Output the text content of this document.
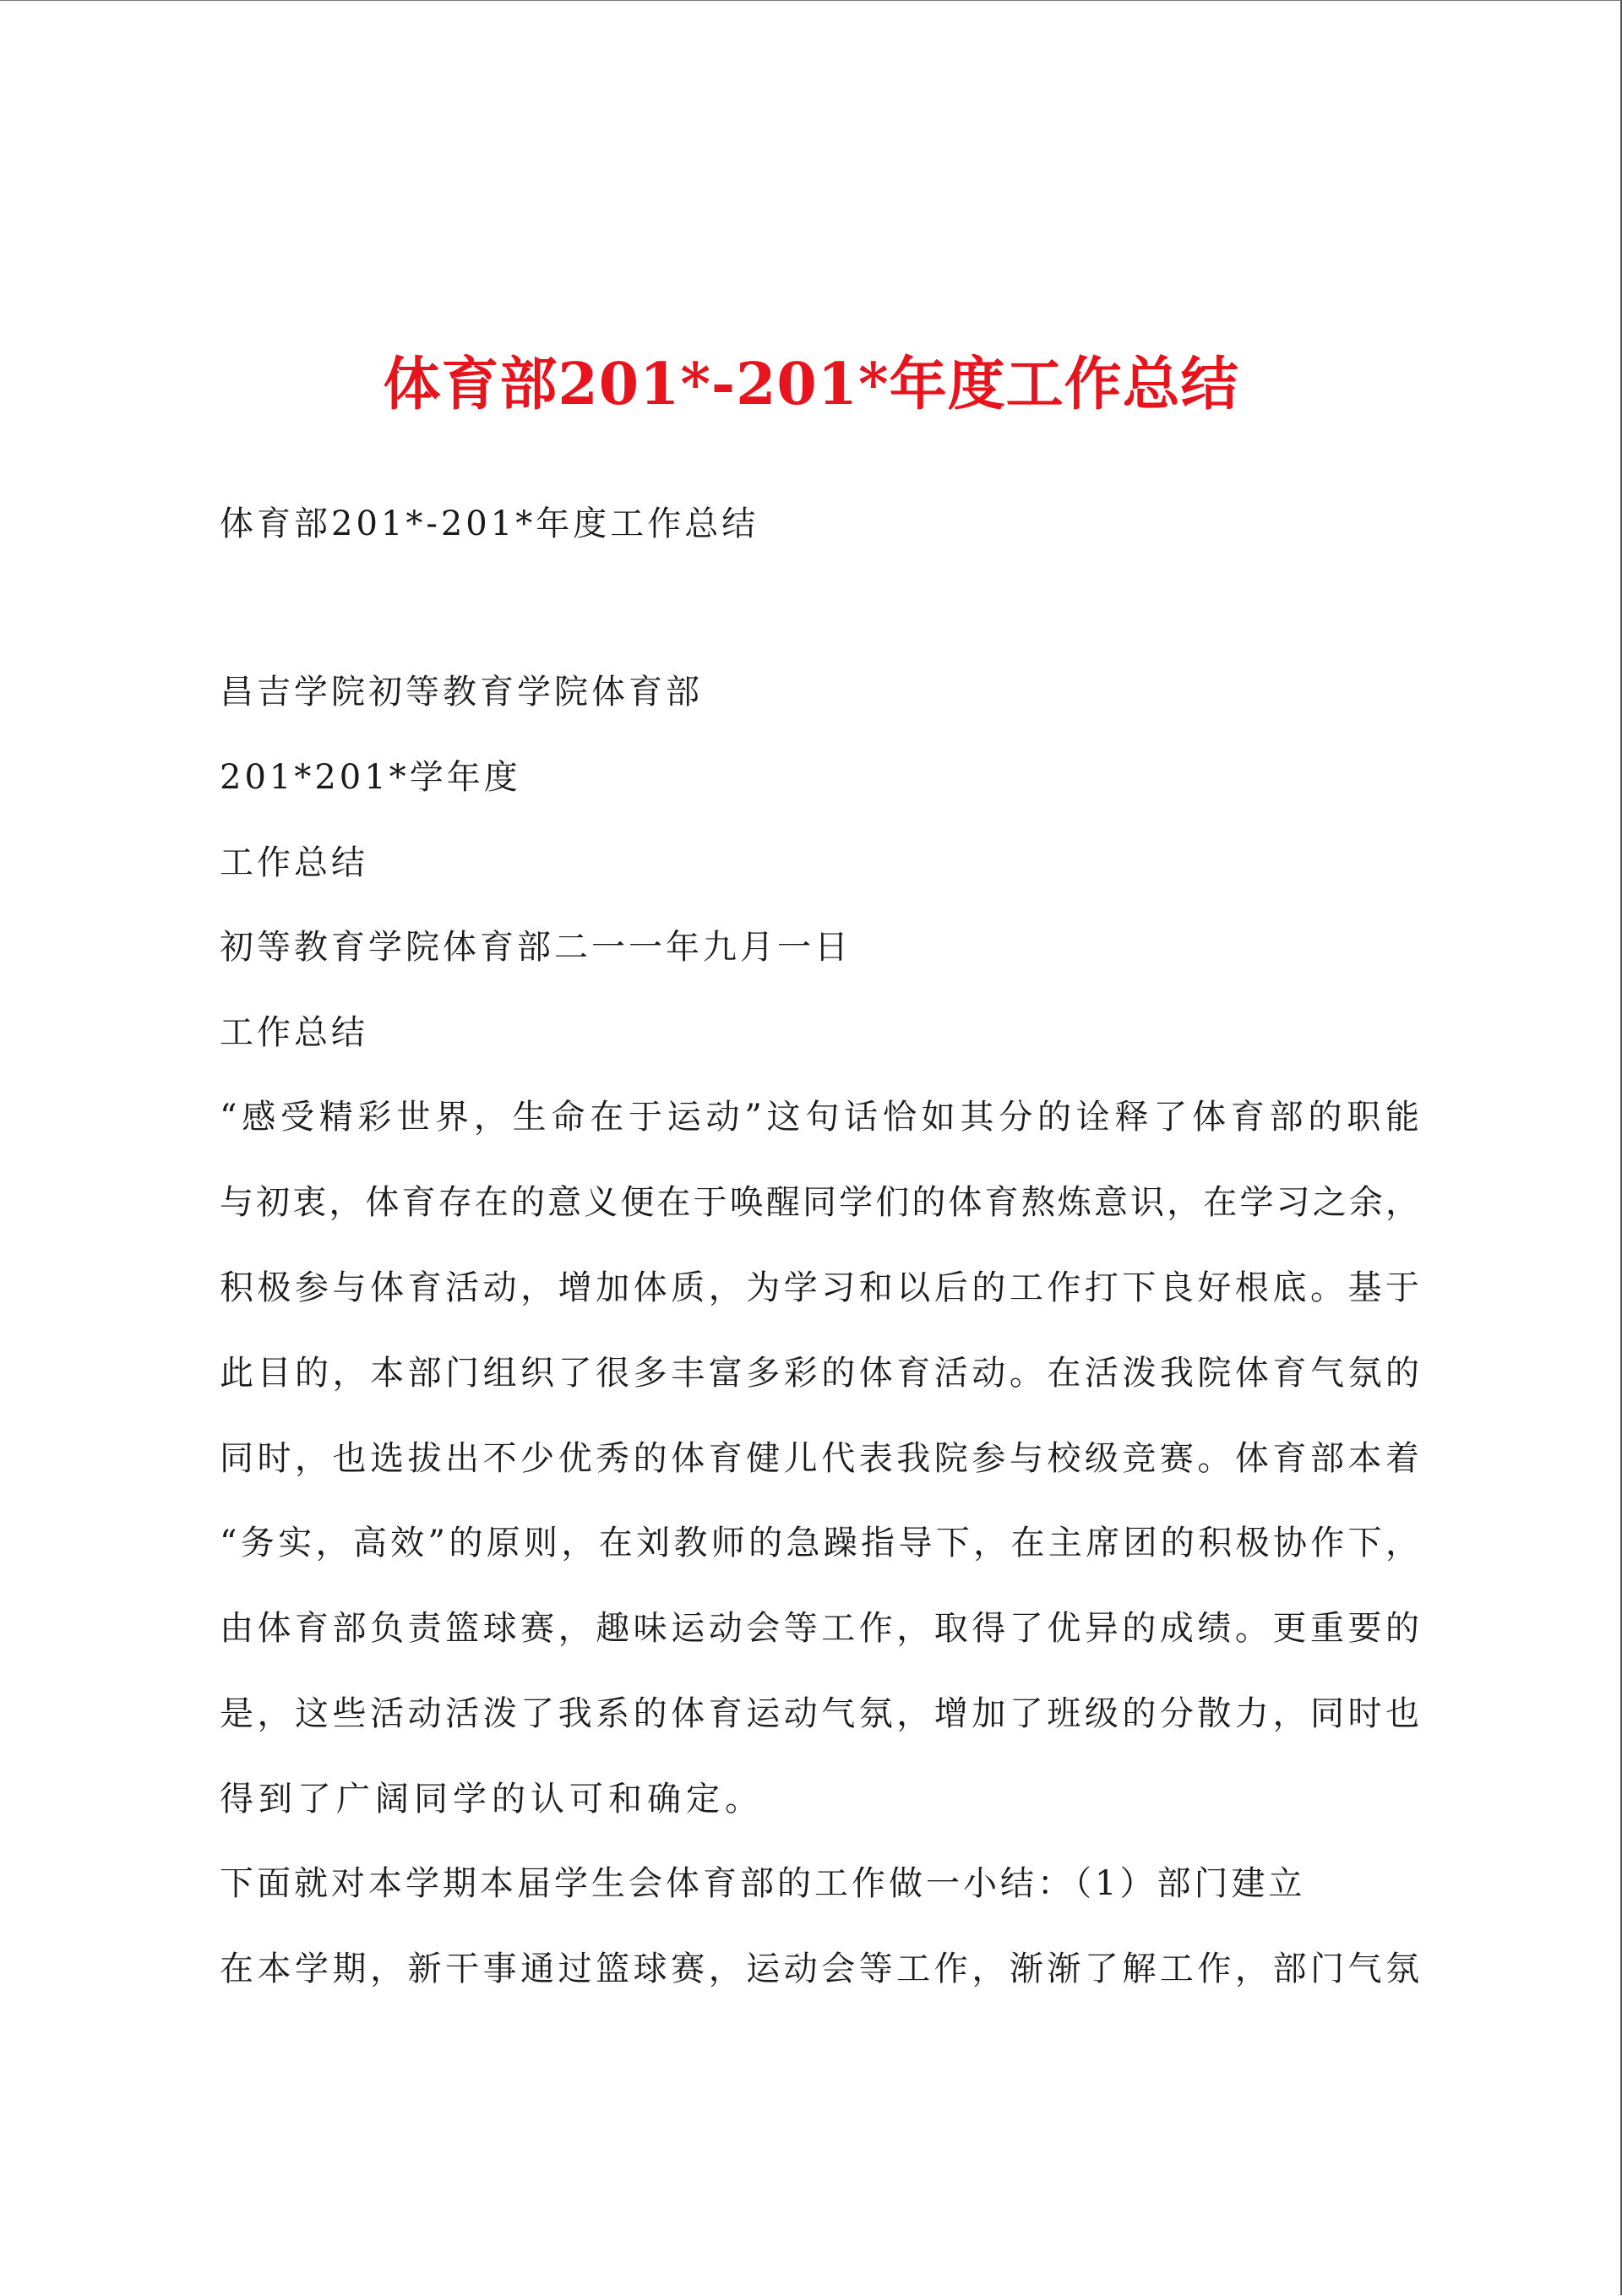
体育部201*-201*年度工作总结
体育部201*-201*年度工作总结
昌吉学院初等教育学院体育部
201*201*学年度
工作总结
初等教育学院体育部二一一年九月一日
工作总结
“感受精彩世界，生命在于运动”这句话恰如其分的诠释了体育部的职能
与初衷，体育存在的意义便在于唤醒同学们的体育熬炼意识，在学习之余，
积极参与体育活动，增加体质，为学习和以后的工作打下良好根底。基于
此目的，本部门组织了很多丰富多彩的体育活动。在活泼我院体育气氛的
同时，也选拔出不少优秀的体育健儿代表我院参与校级竞赛。体育部本着
“务实，高效”的原则，在刘教师的急躁指导下，在主席团的积极协作下，
由体育部负责篮球赛，趣味运动会等工作，取得了优异的成绩。更重要的
是，这些活动活泼了我系的体育运动气氛，增加了班级的分散力，同时也
得到了广阔同学的认可和确定。
下面就对本学期本届学生会体育部的工作做一小结：（1）部门建立
在本学期，新干事通过篮球赛，运动会等工作，渐渐了解工作，部门气氛
